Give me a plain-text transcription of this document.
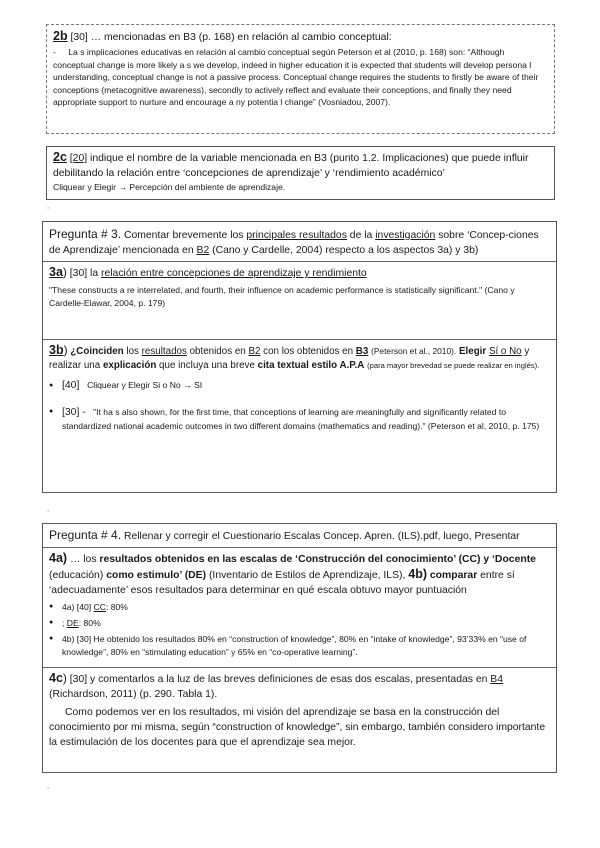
2b [30] … mencionadas en B3 (p. 168) en relación al cambio conceptual:

- La s implicaciones educativas en relación al cambio conceptual según Peterson et al (2010, p. 168) son: “Although conceptual change is more likely a s we develop, indeed in higher education it is expected that students will develop persona l understanding, conceptual change is not a passive process. Conceptual change requires the students to firstly be aware of their conceptions (metacognitive awareness), secondly to actively reflect and evaluate their conceptions, and finally they need appropriate support to nurture and encourage a ny potentia l change” (Vosniadou, 2007).

2c [20] indique el nombre de la variable mencionada en B3 (punto 1.2. Implicaciones) que puede influir debilitando la relación entre ‘concepciones de aprendizaje’ y ‘rendimiento académico’

Cliquear y Elegir → Percepción del ambiente de aprendizaje.

◦

Pregunta # 3. Comentar brevemente los principales resultados de la investigación sobre ‘Concep-ciones de Aprendizaje’ mencionada en B2 (Cano y Cardelle, 2004) respecto a los aspectos 3a) y 3b)

3a) [30] la relación entre concepciones de aprendizaje y rendimiento

"These constructs a re interrelated, and fourth, their influence on academic performance is statistically significant." (Cano y Cardelle-Elawar, 2004, p. 179)

3b) ¿Coinciden los resultados obtenidos en B2 con los obtenidos en B3 (Peterson et al., 2010). Elegir Sí o No y realizar una explicación que incluya una breve cita textual estilo A.P.A (para mayor brevedad se puede realizar en inglés).

● [40] Cliquear y Elegir Si o No → SI

● [30] - "It ha s also shown, for the first time, that conceptions of learning are meaningfully and significantly related to standardized national academic outcomes in two different domains (mathematics and reading)." (Peterson et al, 2010, p. 175)

◦

Pregunta # 4. Rellenar y corregir el Cuestionario Escalas Concep. Apren. (ILS).pdf, luego, Presentar

4a) … los resultados obtenidos en las escalas de ‘Construcción del conocimiento’ (CC) y ‘Docente (educación) como estimulo’ (DE) (Inventario de Estilos de Aprendizaje, ILS), 4b) comparar entre sí ‘adecuadamente’ esos resultados para determinar en qué escala obtuvo mayor puntuación

● 4a) [40] CC: 80%

● ; DE: 80%

● 4b) [30] He obtenido los resultados 80% en “construction of knowledge”, 80% en “intake of knowledge”, 93’33% en “use of knowledge”, 80% en “stimulating education” y 65% en “co-operative learning”.

4c) [30] y comentarlos a la luz de las breves definiciones de esas dos escalas, presentadas en B4 (Richardson, 2011) (p. 290. Tabla 1).

Como podemos ver en los resultados, mi visión del aprendizaje se basa en la construcción del conocimiento por mi misma, según “construction of knowledge”, sin embargo, también considero importante la estimulación de los docentes para que el aprendizaje sea mejor.

◦
